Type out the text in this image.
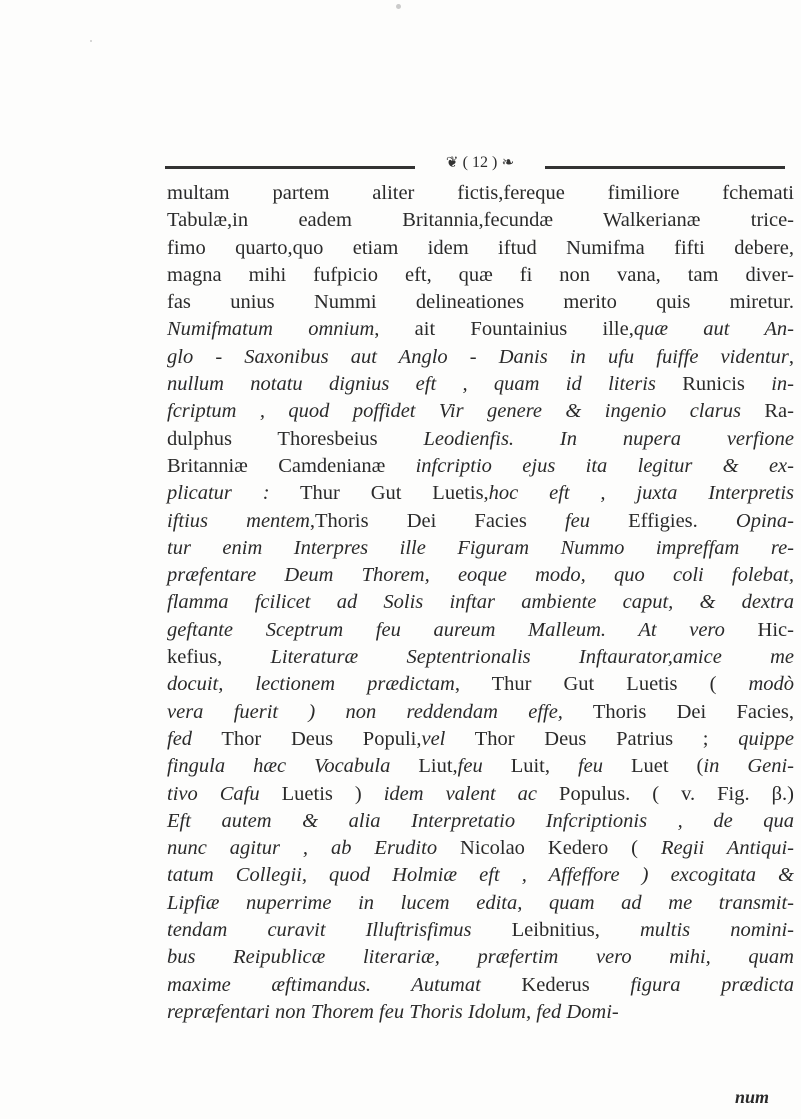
❦ ( 12 ) ❧
multam partem aliter fictis,fereque fimiliore fchemati
Tabulæ,in eadem Britannia,fecundæ Walkerianæ trice-
fimo quarto,quo etiam idem iftud Numifma fifti debere,
magna mihi fufpicio eft, quæ fi non vana, tam diver-
fas unius Nummi delineationes merito quis miretur.
Numifmatum omnium, ait Fountainius ille,quæ aut An-
glo - Saxonibus aut Anglo - Danis in ufu fuiffe videntur,
nullum notatu dignius eft , quam id literis Runicis in-
fcriptum , quod poffidet Vir genere & ingenio clarus Ra-
dulphus Thoresbeius Leodienfis. In nupera verfione
Britanniæ Camdenianæ infcriptio ejus ita legitur & ex-
plicatur : Thur Gut Luetis,hoc eft , juxta Interpretis
iftius mentem,Thoris Dei Facies feu Effigies. Opina-
tur enim Interpres ille Figuram Nummo impreffam re-
præfentare Deum Thorem, eoque modo, quo coli folebat,
flamma fcilicet ad Solis inftar ambiente caput, & dextra
geftante Sceptrum feu aureum Malleum. At vero Hic-
kefius, Literaturæ Septentrionalis Inftaurator,amice me
docuit, lectionem prædictam, Thur Gut Luetis ( modò
vera fuerit ) non reddendam effe, Thoris Dei Facies,
fed Thor Deus Populi,vel Thor Deus Patrius ; quippe
fingula hæc Vocabula Liut,feu Luit, feu Luet (in Geni-
tivo Cafu Luetis ) idem valent ac Populus. ( v. Fig. β.)
Eft autem & alia Interpretatio Infcriptionis , de qua
nunc agitur , ab Erudito Nicolao Kedero ( Regii Antiqui-
tatum Collegii, quod Holmiæ eft , Affeffore ) excogitata &
Lipfiæ nuperrime in lucem edita, quam ad me transmit-
tendam curavit Illuftrisfimus Leibnitius, multis nomini-
bus Reipublicæ literariæ, præfertim vero mihi, quam
maxime æftimandus. Autumat Kederus figura prædicta
repræfentari non Thorem feu Thoris Idolum, fed Domi-
num
